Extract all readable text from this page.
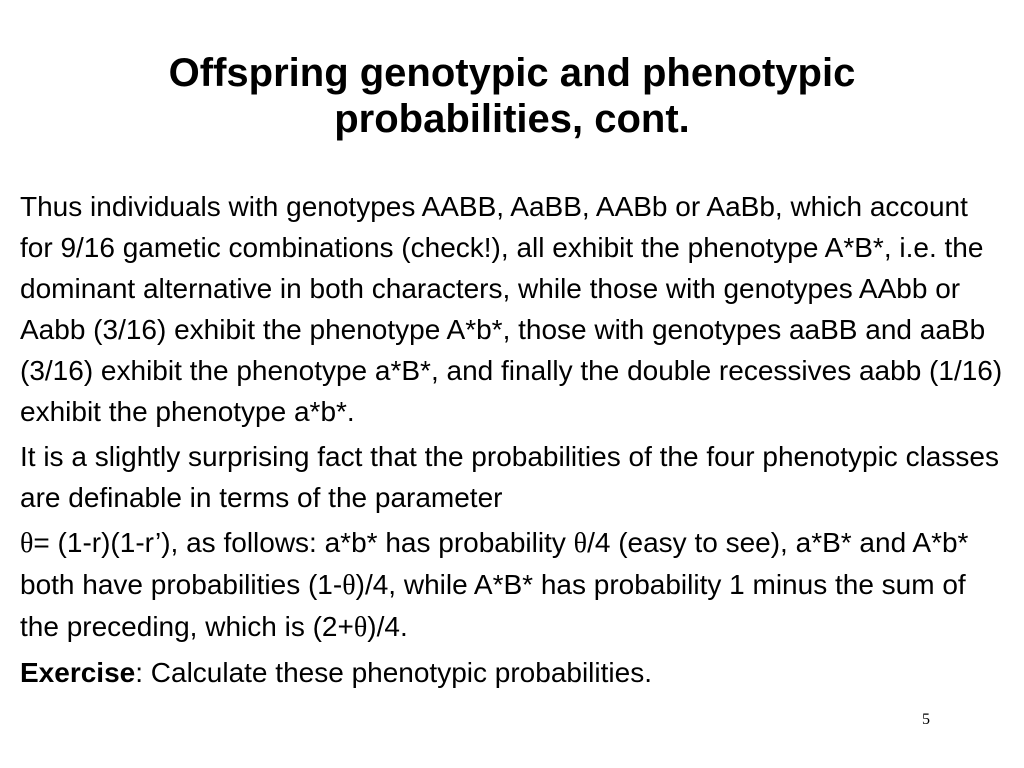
Offspring genotypic and phenotypic
probabilities, cont.

Thus individuals with genotypes AABB, AaBB, AABb or AaBb, which account for 9/16 gametic combinations (check!), all exhibit the phenotype A*B*, i.e. the dominant alternative in both characters, while those with genotypes AAbb or Aabb (3/16) exhibit the phenotype A*b*, those with genotypes aaBB and aaBb (3/16) exhibit the phenotype a*B*, and finally the double recessives aabb (1/16) exhibit the phenotype a*b*.

It is a slightly surprising fact that the probabilities of the four phenotypic classes are definable in terms of the parameter

θ= (1-r)(1-r’), as follows: a*b* has probability θ/4 (easy to see), a*B* and A*b* both have probabilities (1-θ)/4, while A*B* has probability 1 minus the sum of the preceding, which is (2+θ)/4.

Exercise: Calculate these phenotypic probabilities.

5
